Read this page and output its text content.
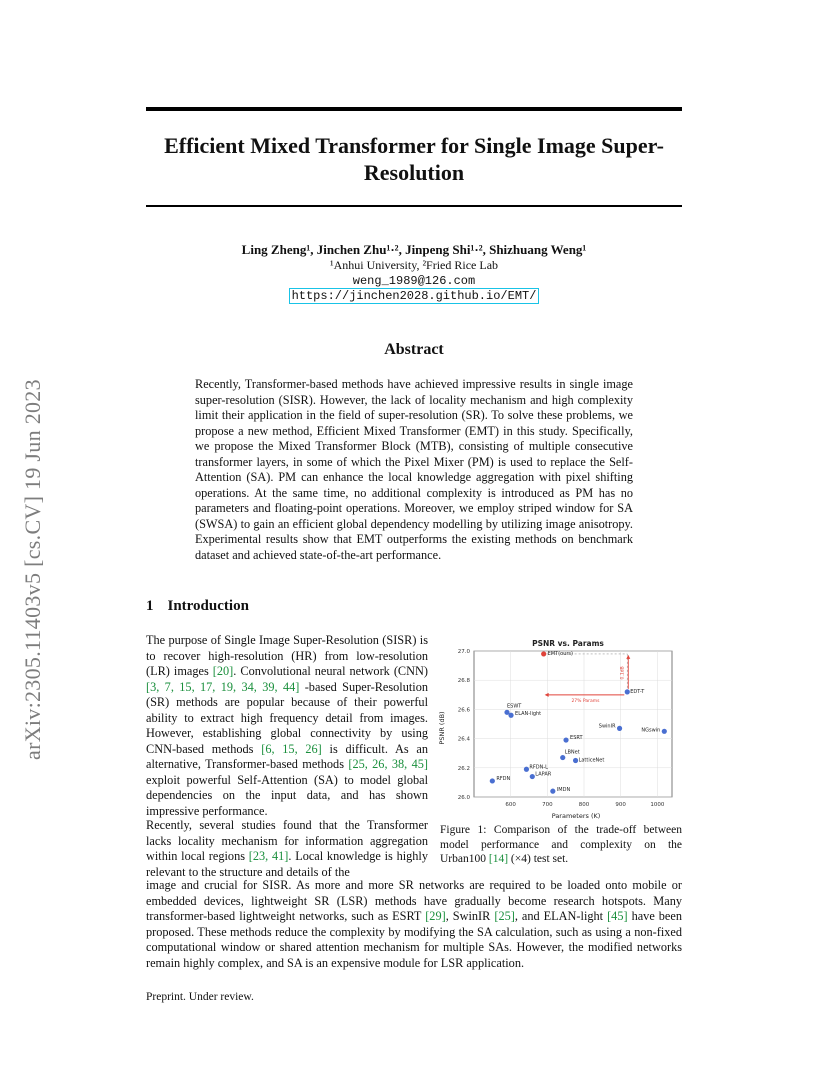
arXiv:2305.11403v5 [cs.CV] 19 Jun 2023
Efficient Mixed Transformer for Single Image Super-Resolution
Ling Zheng¹, Jinchen Zhu¹·², Jinpeng Shi¹·², Shizhuang Weng¹
¹Anhui University, ²Fried Rice Lab
weng_1989@126.com
https://jinchen2028.github.io/EMT/
Abstract
Recently, Transformer-based methods have achieved impressive results in single image super-resolution (SISR). However, the lack of locality mechanism and high complexity limit their application in the field of super-resolution (SR). To solve these problems, we propose a new method, Efficient Mixed Transformer (EMT) in this study. Specifically, we propose the Mixed Transformer Block (MTB), consisting of multiple consecutive transformer layers, in some of which the Pixel Mixer (PM) is used to replace the Self-Attention (SA). PM can enhance the local knowledge aggregation with pixel shifting operations. At the same time, no additional complexity is introduced as PM has no parameters and floating-point operations. Moreover, we employ striped window for SA (SWSA) to gain an efficient global dependency modelling by utilizing image anisotropy. Experimental results show that EMT outperforms the existing methods on benchmark dataset and achieved state-of-the-art performance.
1 Introduction
The purpose of Single Image Super-Resolution (SISR) is to recover high-resolution (HR) from low-resolution (LR) images [20]. Convolutional neural network (CNN) [3, 7, 15, 17, 19, 34, 39, 44] -based Super-Resolution (SR) methods are popular because of their powerful ability to extract high frequency detail from images. However, establishing global connectivity by using CNN-based methods [6, 15, 26] is difficult. As an alternative, Transformer-based methods [25, 26, 38, 45] exploit powerful Self-Attention (SA) to model global dependencies on the input data, and has shown impressive performance.
Recently, several studies found that the Transformer lacks locality mechanism for information aggregation within local regions [23, 41]. Local knowledge is highly relevant to the structure and details of the
image and crucial for SISR. As more and more SR networks are required to be loaded onto mobile or embedded devices, lightweight SR (LSR) methods have gradually become research hotspots. Many transformer-based lightweight networks, such as ESRT [29], SwinIR [25], and ELAN-light [45] have been proposed. These methods reduce the complexity by modifying the SA calculation, such as using a non-fixed computational window or shared attention mechanism for multiple SAs. However, the modified networks remain highly complex, and SA is an expensive module for LSR application.
PSNR vs. Params
600	700	800	900	1000
26.0
26.2
26.4
26.6
26.8
27.0
0.1dB
27% Params
EMT(ours)
EDT-T
ESWT
ELAN-light
SwinIR
NGswin
ESRT
LBNet
LatticeNet
RFDN-L
LAPAR
RFDN
IMDN
Parameters (K)
PSNR (dB)
Figure 1: Comparison of the trade-off between model performance and complexity on the Urban100 [14] (×4) test set.
Preprint. Under review.
